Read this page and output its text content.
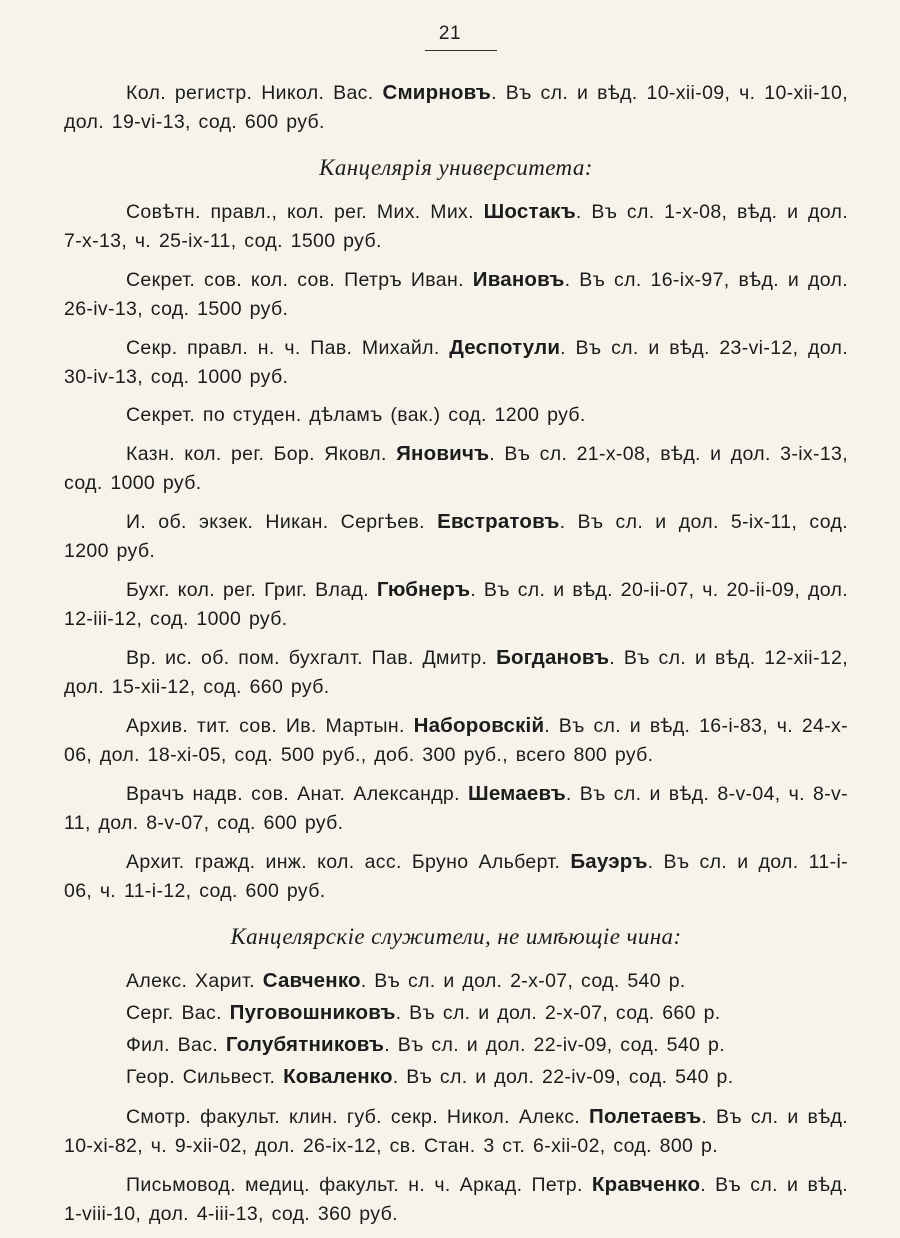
21

Кол. регистр. Никол. Вас. Смирновъ. Въ сл. и вѣд. 10-xii-09, ч. 10-xii-10, дол. 19-vi-13, сод. 600 руб.

Канцелярія университета:

Совѣтн. правл., кол. рег. Мих. Мих. Шостакъ. Въ сл. 1-x-08, вѣд. и дол. 7-x-13, ч. 25-ix-11, сод. 1500 руб.

Секрет. сов. кол. сов. Петръ Иван. Ивановъ. Въ сл. 16-ix-97, вѣд. и дол. 26-iv-13, сод. 1500 руб.

Секр. правл. н. ч. Пав. Михайл. Деспотули. Въ сл. и вѣд. 23-vi-12, дол. 30-iv-13, сод. 1000 руб.

Секрет. по студен. дѣламъ (вак.) сод. 1200 руб.

Казн. кол. рег. Бор. Яковл. Яновичъ. Въ сл. 21-x-08, вѣд. и дол. 3-ix-13, сод. 1000 руб.

И. об. экзек. Никан. Сергѣев. Евстратовъ. Въ сл. и дол. 5-ix-11, сод. 1200 руб.

Бухг. кол. рег. Григ. Влад. Гюбнеръ. Въ сл. и вѣд. 20-ii-07, ч. 20-ii-09, дол. 12-iii-12, сод. 1000 руб.

Вр. ис. об. пом. бухгалт. Пав. Дмитр. Богдановъ. Въ сл. и вѣд. 12-xii-12, дол. 15-xii-12, сод. 660 руб.

Архив. тит. сов. Ив. Мартын. Наборовскій. Въ сл. и вѣд. 16-i-83, ч. 24-x-06, дол. 18-xi-05, сод. 500 руб., доб. 300 руб., всего 800 руб.

Врачъ надв. сов. Анат. Александр. Шемаевъ. Въ сл. и вѣд. 8-v-04, ч. 8-v-11, дол. 8-v-07, сод. 600 руб.

Архит. гражд. инж. кол. асс. Бруно Альберт. Бауэръ. Въ сл. и дол. 11-i-06, ч. 11-i-12, сод. 600 руб.

Канцелярскіе служители, не имѣющіе чина:

Алекс. Харит. Савченко. Въ сл. и дол. 2-x-07, сод. 540 р.

Серг. Вас. Пуговошниковъ. Въ сл. и дол. 2-x-07, сод. 660 р.

Фил. Вас. Голубятниковъ. Въ сл. и дол. 22-iv-09, сод. 540 р.

Геор. Сильвест. Коваленко. Въ сл. и дол. 22-iv-09, сод. 540 р.

Смотр. факульт. клин. губ. секр. Никол. Алекс. Полетаевъ. Въ сл. и вѣд. 10-xi-82, ч. 9-xii-02, дол. 26-ix-12, св. Стан. 3 ст. 6-xii-02, сод. 800 р.

Письмовод. медиц. факульт. н. ч. Аркад. Петр. Кравченко. Въ сл. и вѣд. 1-viii-10, дол. 4-iii-13, сод. 360 руб.
